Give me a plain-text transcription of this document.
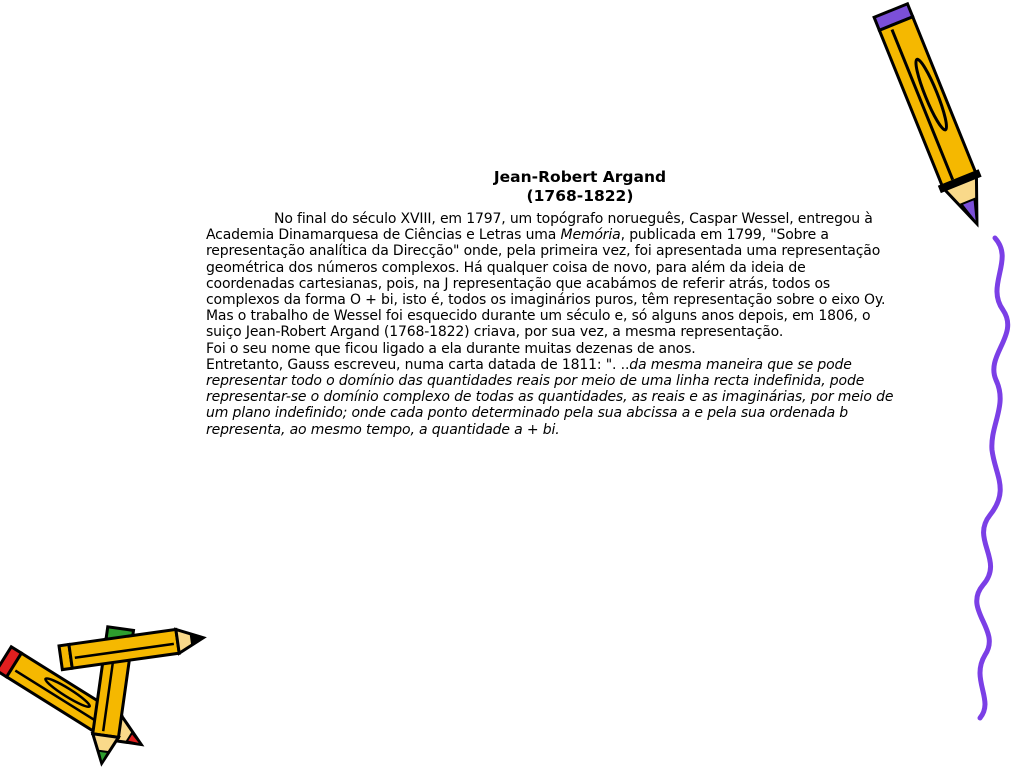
Jean-Robert Argand
(1768-1822)

No final do século XVIII, em 1797, um topógrafo norueguês, Caspar Wessel, entregou à Academia Dinamarquesa de Ciências e Letras uma Memória, publicada em 1799, "Sobre a representação analítica da Direcção" onde, pela primeira vez, foi apresentada uma representação geométrica dos números complexos. Há qualquer coisa de novo, para além da ideia de coordenadas cartesianas, pois, na J representação que acabámos de referir atrás, todos os complexos da forma O + bi, isto é, todos os imaginários puros, têm representação sobre o eixo Oy.

Mas o trabalho de Wessel foi esquecido durante um século e, só alguns anos depois, em 1806, o suiço Jean-Robert Argand (1768-1822) criava, por sua vez, a mesma representação.

Foi o seu nome que ficou ligado a ela durante muitas dezenas de anos.

Entretanto, Gauss escreveu, numa carta datada de 1811: ". ..da mesma maneira que se pode representar todo o domínio das quantidades reais por meio de uma linha recta indefinida, pode representar-se o domínio complexo de todas as quantidades, as reais e as imaginárias, por meio de um plano indefinido; onde cada ponto determinado pela sua abcissa a e pela sua ordenada b representa, ao mesmo tempo, a quantidade a + bi.
